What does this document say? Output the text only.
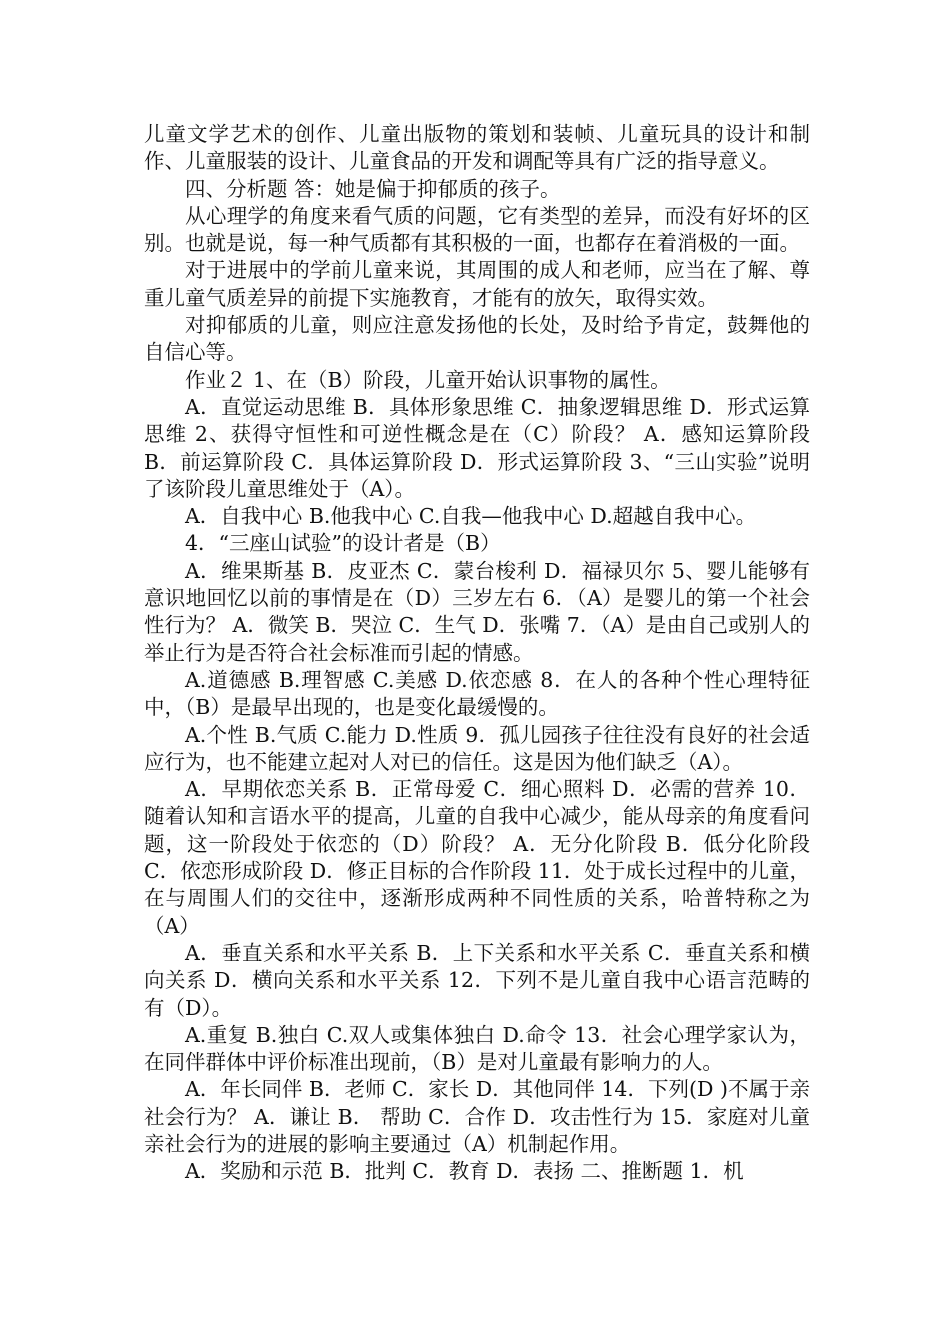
儿童文学艺术的创作、儿童出版物的策划和装帧、儿童玩具的设计和制作、儿童服装的设计、儿童食品的开发和调配等具有广泛的指导意义。

四、分析题 答：她是偏于抑郁质的孩子。

从心理学的角度来看气质的问题，它有类型的差异，而没有好坏的区别。也就是说，每一种气质都有其积极的一面，也都存在着消极的一面。

对于进展中的学前儿童来说，其周围的成人和老师，应当在了解、尊重儿童气质差异的前提下实施教育，才能有的放矢，取得实效。

对抑郁质的儿童，则应注意发扬他的长处，及时给予肯定，鼓舞他的自信心等。

作业２ 1、在（B）阶段，儿童开始认识事物的属性。

A．直觉运动思维 B．具体形象思维 C．抽象逻辑思维 D．形式运算思维 2、获得守恒性和可逆性概念是在（C）阶段？ A．感知运算阶段 B．前运算阶段 C．具体运算阶段 D．形式运算阶段 3、“三山实验”说明了该阶段儿童思维处于（A）。

A．自我中心 B.他我中心 C.自我—他我中心 D.超越自我中心。

4．“三座山试验”的设计者是（B）

A．维果斯基 B．皮亚杰 C．蒙台梭利 D．福禄贝尔 5、婴儿能够有意识地回忆以前的事情是在（D）三岁左右 6．（A）是婴儿的第一个社会性行为？ A．微笑 B．哭泣 C．生气 D．张嘴 7．（A）是由自己或别人的举止行为是否符合社会标准而引起的情感。

A.道德感 B.理智感 C.美感 D.依恋感 8．在人的各种个性心理特征中，（B）是最早出现的，也是变化最缓慢的。

A.个性 B.气质 C.能力 D.性质 9．孤儿园孩子往往没有良好的社会适应行为，也不能建立起对人对已的信任。这是因为他们缺乏（A）。

A．早期依恋关系 B．正常母爱 C．细心照料 D．必需的营养 10．随着认知和言语水平的提高，儿童的自我中心减少，能从母亲的角度看问题，这一阶段处于依恋的（D）阶段？ A．无分化阶段 B．低分化阶段 C．依恋形成阶段 D．修正目标的合作阶段 11．处于成长过程中的儿童，在与周围人们的交往中，逐渐形成两种不同性质的关系，哈普特称之为（A）

A．垂直关系和水平关系 B．上下关系和水平关系 C．垂直关系和横向关系 D．横向关系和水平关系 12．下列不是儿童自我中心语言范畴的有（D）。

A.重复 B.独白 C.双人或集体独白 D.命令 13．社会心理学家认为，在同伴群体中评价标准出现前，（B）是对儿童最有影响力的人。

A．年长同伴 B．老师 C．家长 D．其他同伴 14．下列(D )不属于亲社会行为？ A．谦让 B． 帮助 C．合作 D．攻击性行为 15．家庭对儿童亲社会行为的进展的影响主要通过（A）机制起作用。

A．奖励和示范 B．批判 C．教育 D．表扬 二、推断题 1．机
